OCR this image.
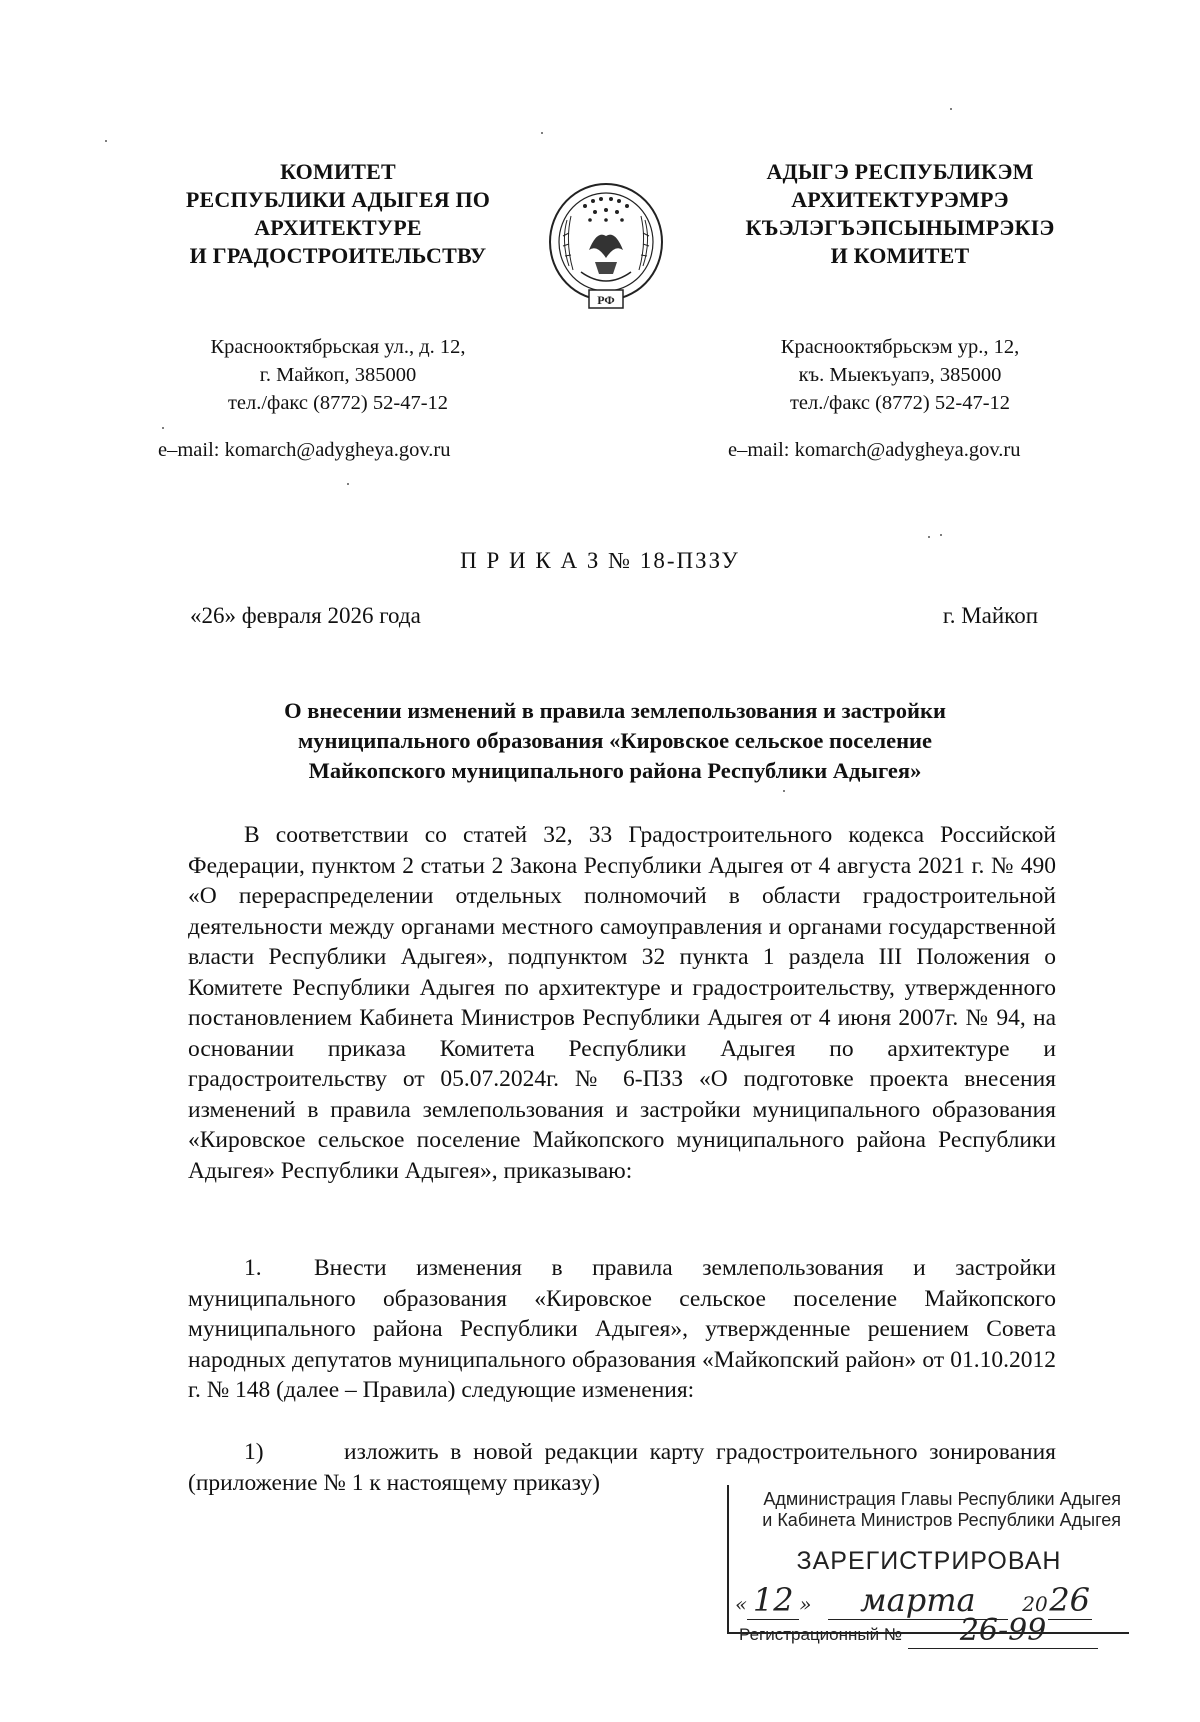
КОМИТЕТ
РЕСПУБЛИКИ АДЫГЕЯ ПО
АРХИТЕКТУРЕ
И ГРАДОСТРОИТЕЛЬСТВУ
РФ
АДЫГЭ РЕСПУБЛИКЭМ
АРХИТЕКТУРЭМРЭ
КЪЭЛЭГЪЭПСЫНЫМРЭКIЭ
И КОМИТЕТ
Краснооктябрьская ул., д. 12,
г. Майкоп, 385000
тел./факс (8772) 52-47-12
Краснооктябрьскэм ур., 12,
къ. Мыекъуапэ, 385000
тел./факс (8772) 52-47-12
e–mail: komarch@adygheya.gov.ru	e–mail: komarch@adygheya.gov.ru
П Р И К А З № 18-ПЗЗУ
«26» февраля 2026 года	г. Майкоп
О внесении изменений в правила землепользования и застройки
муниципального образования «Кировское сельское поселение
Майкопского муниципального района Республики Адыгея»
В соответствии со статей 32, 33 Градостроительного кодекса Российской Федерации, пунктом 2 статьи 2 Закона Республики Адыгея от 4 августа 2021 г. № 490 «О перераспределении отдельных полномочий в области градостроительной деятельности между органами местного самоуправления и органами государственной власти Республики Адыгея», подпунктом 32 пункта 1 раздела III Положения о Комитете Республики Адыгея по архитектуре и градостроительству, утвержденного постановлением Кабинета Министров Республики Адыгея от 4 июня 2007г. № 94, на основании приказа Комитета Республики Адыгея по архитектуре и градостроительству от 05.07.2024г. № 6-ПЗЗ «О подготовке проекта внесения изменений в правила землепользования и застройки муниципального образования «Кировское сельское поселение Майкопского муниципального района Республики Адыгея» Республики Адыгея», приказываю:
1. Внести изменения в правила землепользования и застройки муниципального образования «Кировское сельское поселение Майкопского муниципального района Республики Адыгея», утвержденные решением Совета народных депутатов муниципального образования «Майкопский район» от 01.10.2012 г. № 148 (далее – Правила) следующие изменения:
1)	изложить в новой редакции карту градостроительного зонирования (приложение № 1 к настоящему приказу)
Администрация Главы Республики Адыгея
и Кабинета Министров Республики Адыгея
ЗАРЕГИСТРИРОВАН
« 12 » марта 2026
Регистрационный № 26-99
